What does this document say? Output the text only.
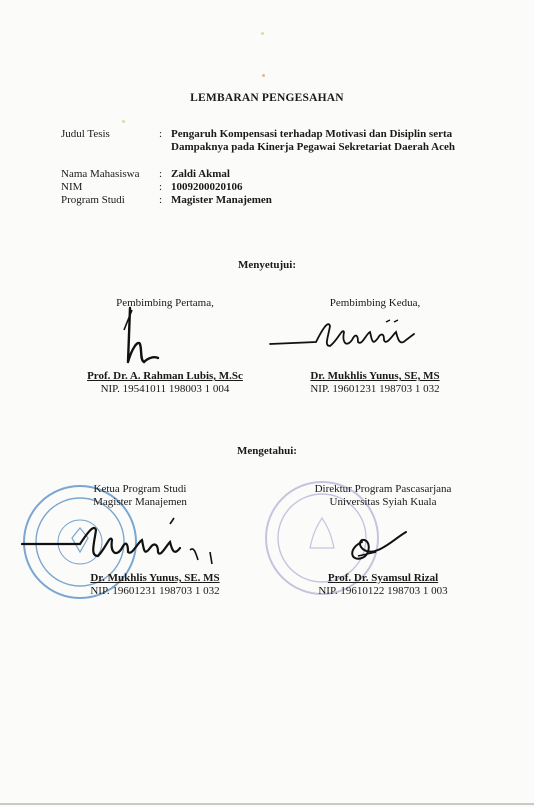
LEMBARAN PENGESAHAN
Judul Tesis	: Pengaruh Kompensasi terhadap Motivasi dan Disiplin serta
Dampaknya pada Kinerja Pegawai Sekretariat Daerah Aceh
Nama Mahasiswa	: Zaldi Akmal
NIM	: 1009200020106
Program Studi	: Magister Manajemen
Menyetujui:
Pembimbing Pertama,	Pembimbing Kedua,
Prof. Dr. A. Rahman Lubis, M.Sc
NIP. 19541011 198003 1 004
Dr. Mukhlis Yunus, SE, MS
NIP. 19601231 198703 1 032
Mengetahui:
Ketua Program Studi
Magister Manajemen
Direktur Program Pascasarjana
Universitas Syiah Kuala
Dr. Mukhlis Yunus, SE. MS
NIP. 19601231 198703 1 032
Prof. Dr. Syamsul Rizal
NIP. 19610122 198703 1 003
